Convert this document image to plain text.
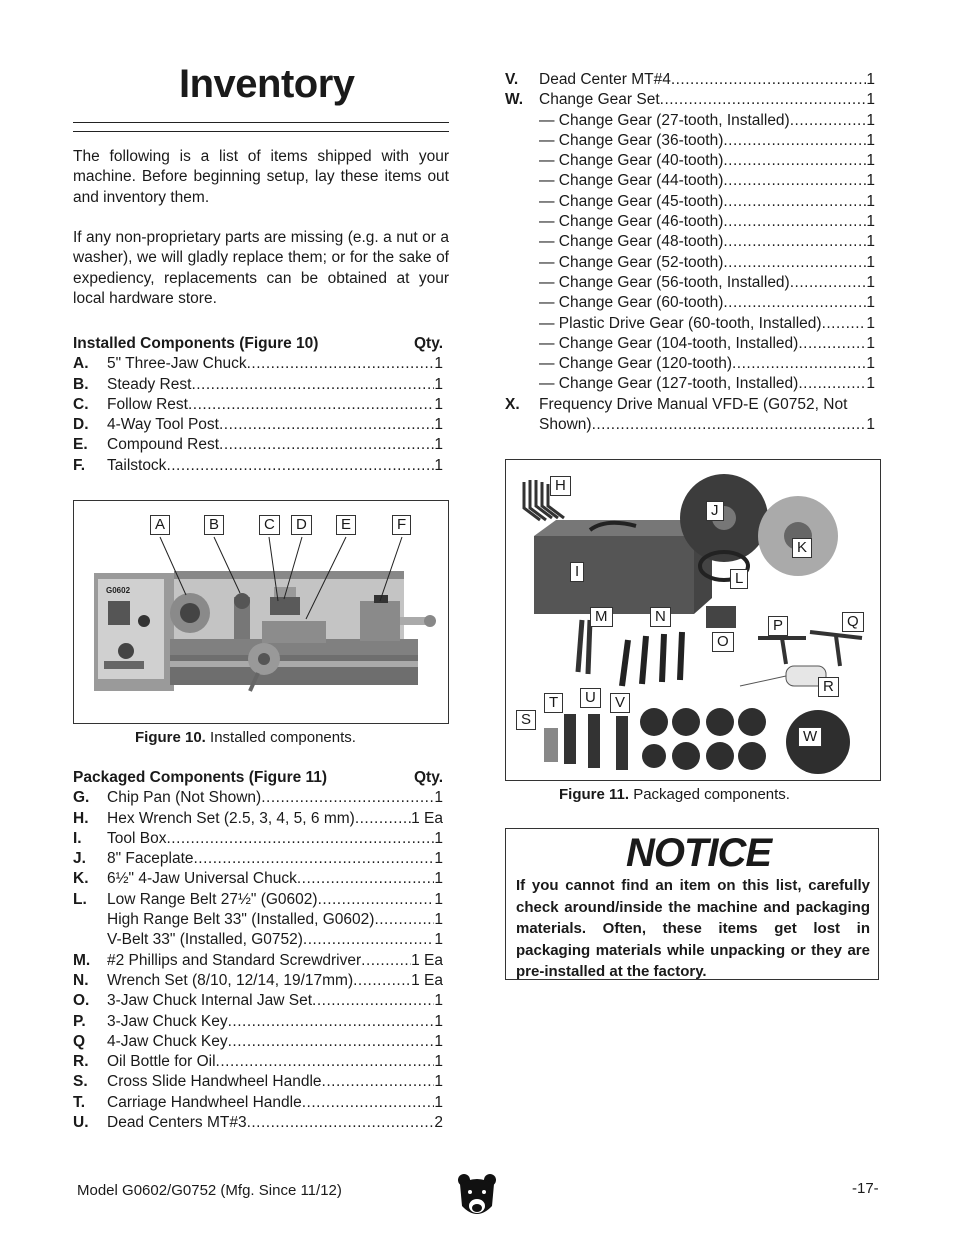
Inventory

The following is a list of items shipped with your machine. Before beginning setup, lay these items out and inventory them.

If any non-proprietary parts are missing (e.g. a nut or a washer), we will gladly replace them; or for the sake of expediency, replacements can be obtained at your local hardware store.

Installed Components (Figure 10)	Qty.
A.	5" Three-Jaw Chuck .....	1
B.	Steady Rest .....	1
C.	Follow Rest .....	1
D.	4-Way Tool Post .....	1
E.	Compound Rest .....	1
F.	Tailstock .....	1
G0602
A	B	C	D	E	F
Figure 10. Installed components.
Packaged Components (Figure 11)	Qty.
G.	Chip Pan (Not Shown) .....	1
H.	Hex Wrench Set (2.5, 3, 4, 5, 6 mm) .....	1 Ea
I.	Tool Box .....	1
J.	8" Faceplate .....	1
K.	6½" 4-Jaw Universal Chuck .....	1
L.	Low Range Belt 27½" (G0602) .....	1
High Range Belt 33" (Installed, G0602) .....	1
V-Belt 33" (Installed, G0752) .....	1
M.	#2 Phillips and Standard Screwdriver .....	1 Ea
N.	Wrench Set (8/10, 12/14, 19/17mm) .....	1 Ea
O.	3-Jaw Chuck Internal Jaw Set .....	1
P.	3-Jaw Chuck Key .....	1
Q	4-Jaw Chuck Key .....	1
R.	Oil Bottle for Oil .....	1
S.	Cross Slide Handwheel Handle .....	1
T.	Carriage Handwheel Handle .....	1
U.	Dead Centers MT#3 .....	2
V.	Dead Center MT#4 .....	1
W.	Change Gear Set .....	1
— Change Gear (27-tooth, Installed) .....	1
— Change Gear (36-tooth) .....	1
— Change Gear (40-tooth) .....	1
— Change Gear (44-tooth) .....	1
— Change Gear (45-tooth) .....	1
— Change Gear (46-tooth) .....	1
— Change Gear (48-tooth) .....	1
— Change Gear (52-tooth) .....	1
— Change Gear (56-tooth, Installed) .....	1
— Change Gear (60-tooth) .....	1
— Plastic Drive Gear (60-tooth, Installed) .....	1
— Change Gear (104-tooth, Installed) .....	1
— Change Gear (120-tooth) .....	1
— Change Gear (127-tooth, Installed) .....	1
X.	Frequency Drive Manual VFD-E (G0752, Not
Shown) .....	1
H
J
K
I	L
M	N
O
P	Q
R
S
T	U	V
W
Figure 11. Packaged components.
NOTICE

If you cannot find an item on this list, carefully check around/inside the machine and packaging materials. Often, these items get lost in packaging materials while unpacking or they are pre-installed at the factory.

Model G0602/G0752 (Mfg. Since 11/12)	-17-
